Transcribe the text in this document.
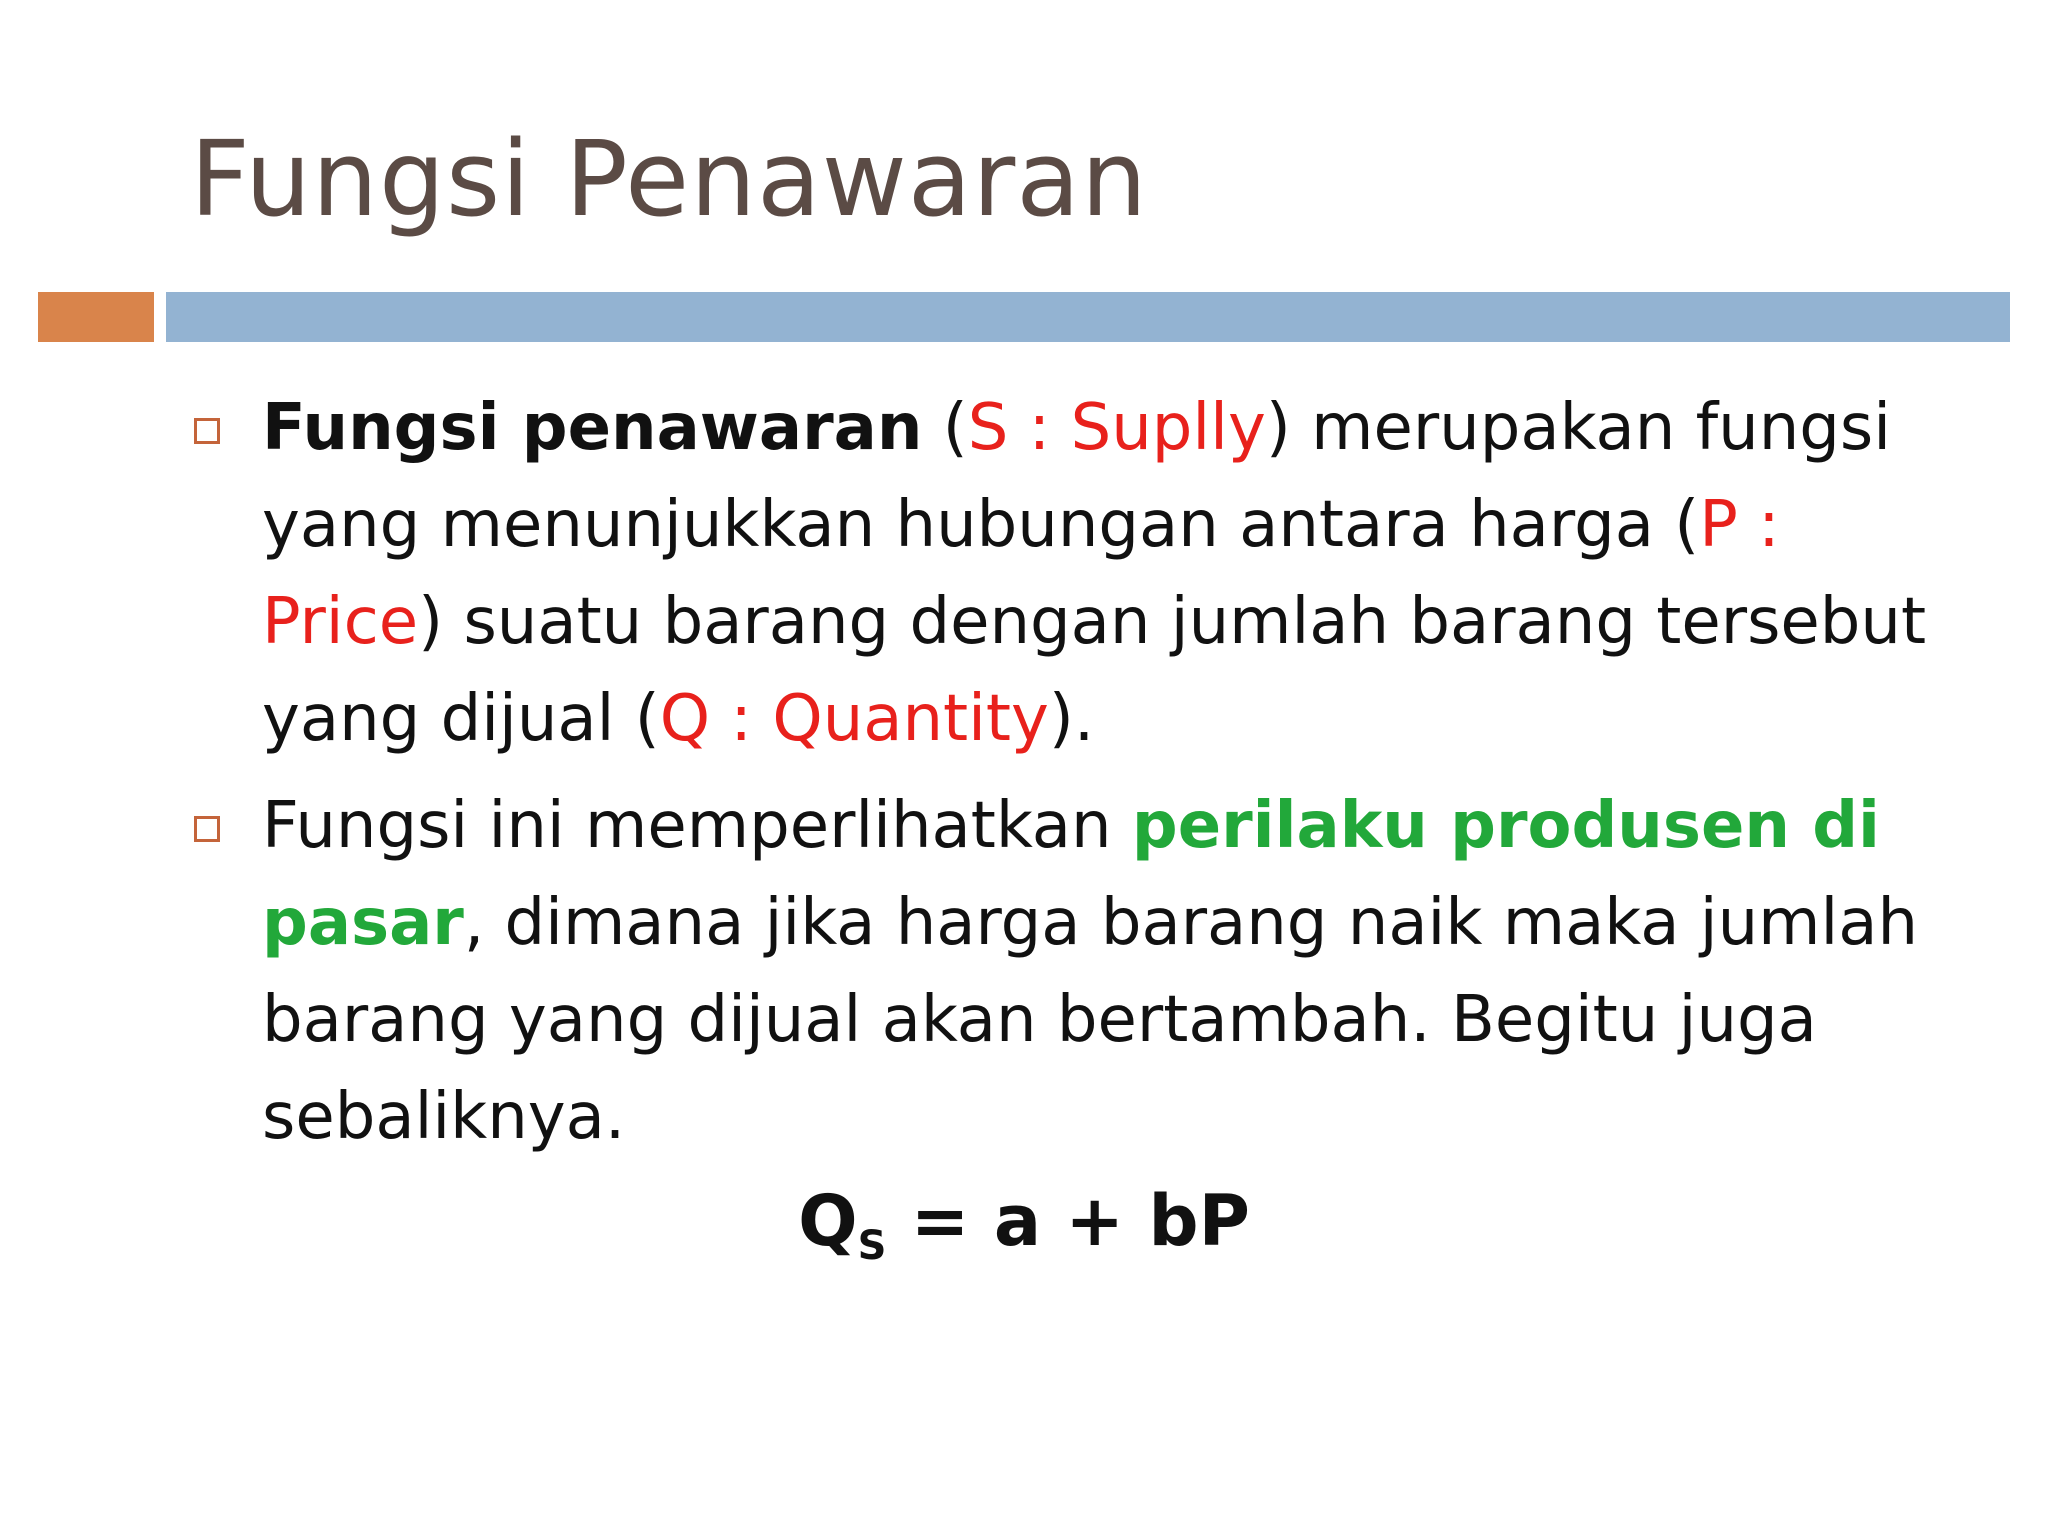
Fungsi Penawaran
Fungsi penawaran (S : Suplly) merupakan fungsi yang menunjukkan hubungan antara harga (P : Price) suatu barang dengan jumlah barang tersebut yang dijual (Q : Quantity).
Fungsi ini memperlihatkan perilaku produsen di pasar, dimana jika harga barang naik maka jumlah barang yang dijual akan bertambah. Begitu juga sebaliknya.
$Q_S = a$ + bP
